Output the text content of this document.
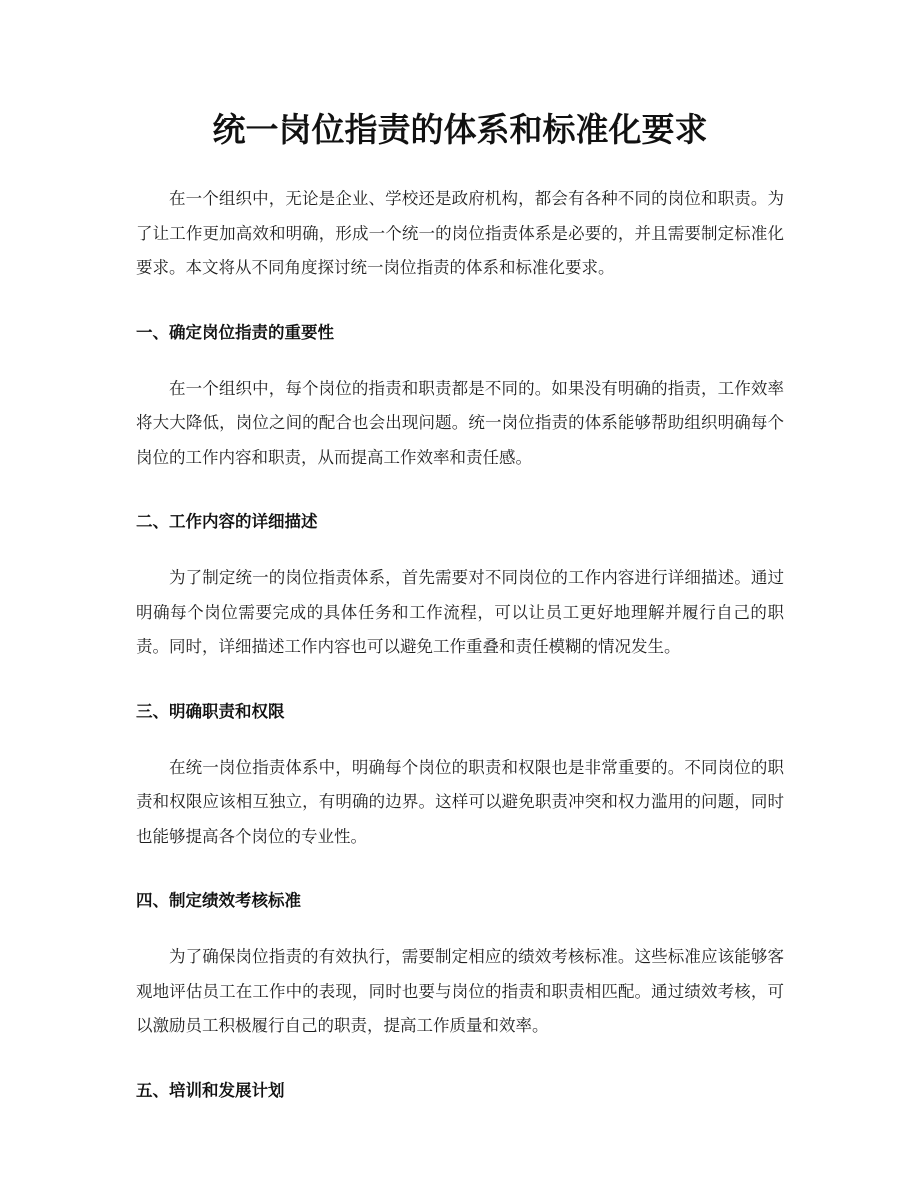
统一岗位指责的体系和标准化要求

在一个组织中，无论是企业、学校还是政府机构，都会有各种不同的岗位和职责。为了让工作更加高效和明确，形成一个统一的岗位指责体系是必要的，并且需要制定标准化要求。本文将从不同角度探讨统一岗位指责的体系和标准化要求。

一、确定岗位指责的重要性

在一个组织中，每个岗位的指责和职责都是不同的。如果没有明确的指责，工作效率将大大降低，岗位之间的配合也会出现问题。统一岗位指责的体系能够帮助组织明确每个岗位的工作内容和职责，从而提高工作效率和责任感。

二、工作内容的详细描述

为了制定统一的岗位指责体系，首先需要对不同岗位的工作内容进行详细描述。通过明确每个岗位需要完成的具体任务和工作流程，可以让员工更好地理解并履行自己的职责。同时，详细描述工作内容也可以避免工作重叠和责任模糊的情况发生。

三、明确职责和权限

在统一岗位指责体系中，明确每个岗位的职责和权限也是非常重要的。不同岗位的职责和权限应该相互独立，有明确的边界。这样可以避免职责冲突和权力滥用的问题，同时也能够提高各个岗位的专业性。

四、制定绩效考核标准

为了确保岗位指责的有效执行，需要制定相应的绩效考核标准。这些标准应该能够客观地评估员工在工作中的表现，同时也要与岗位的指责和职责相匹配。通过绩效考核，可以激励员工积极履行自己的职责，提高工作质量和效率。

五、培训和发展计划
